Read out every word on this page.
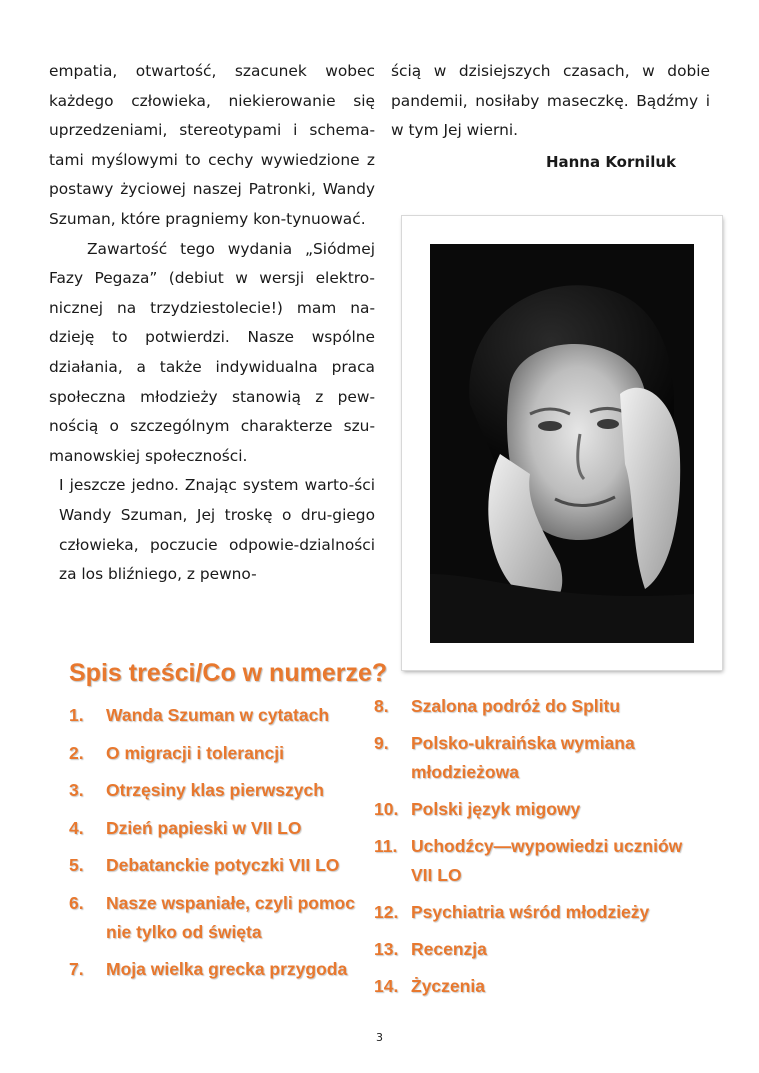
empatia, otwartość, szacunek wobec każdego człowieka, niekierowanie się uprzedzeniami, stereotypami i schema-tami myślowymi to cechy wywiedzione z postawy życiowej naszej Patronki, Wandy Szuman, które pragniemy kon-tynuować.

Zawartość tego wydania „Siódmej Fazy Pegaza” (debiut w wersji elektro-nicznej na trzydziestolecie!) mam na-dzieję to potwierdzi. Nasze wspólne działania, a także indywidualna praca społeczna młodzieży stanowią z pew-nością o szczególnym charakterze szu-manowskiej społeczności.

I jeszcze jedno. Znając system warto-ści Wandy Szuman, Jej troskę o dru-giego człowieka, poczucie odpowie-dzialności za los bliźniego, z pewno-

ścią w dzisiejszych czasach, w dobie pandemii, nosiłaby maseczkę. Bądźmy i w tym Jej wierni.

Hanna Korniluk
Spis treści/Co w numerze?
1. Wanda Szuman w cytatach
2. O migracji i tolerancji
3. Otrzęsiny klas pierwszych
4. Dzień papieski w VII LO
5. Debatanckie potyczki VII LO
6. Nasze wspaniałe, czyli pomoc nie tylko od święta
7. Moja wielka grecka przygoda
8. Szalona podróż do Splitu
9. Polsko-ukraińska wymiana młodzieżowa
10. Polski język migowy
11. Uchodźcy—wypowiedzi uczniów VII LO
12. Psychiatria wśród młodzieży
13. Recenzja
14. Życzenia
3
